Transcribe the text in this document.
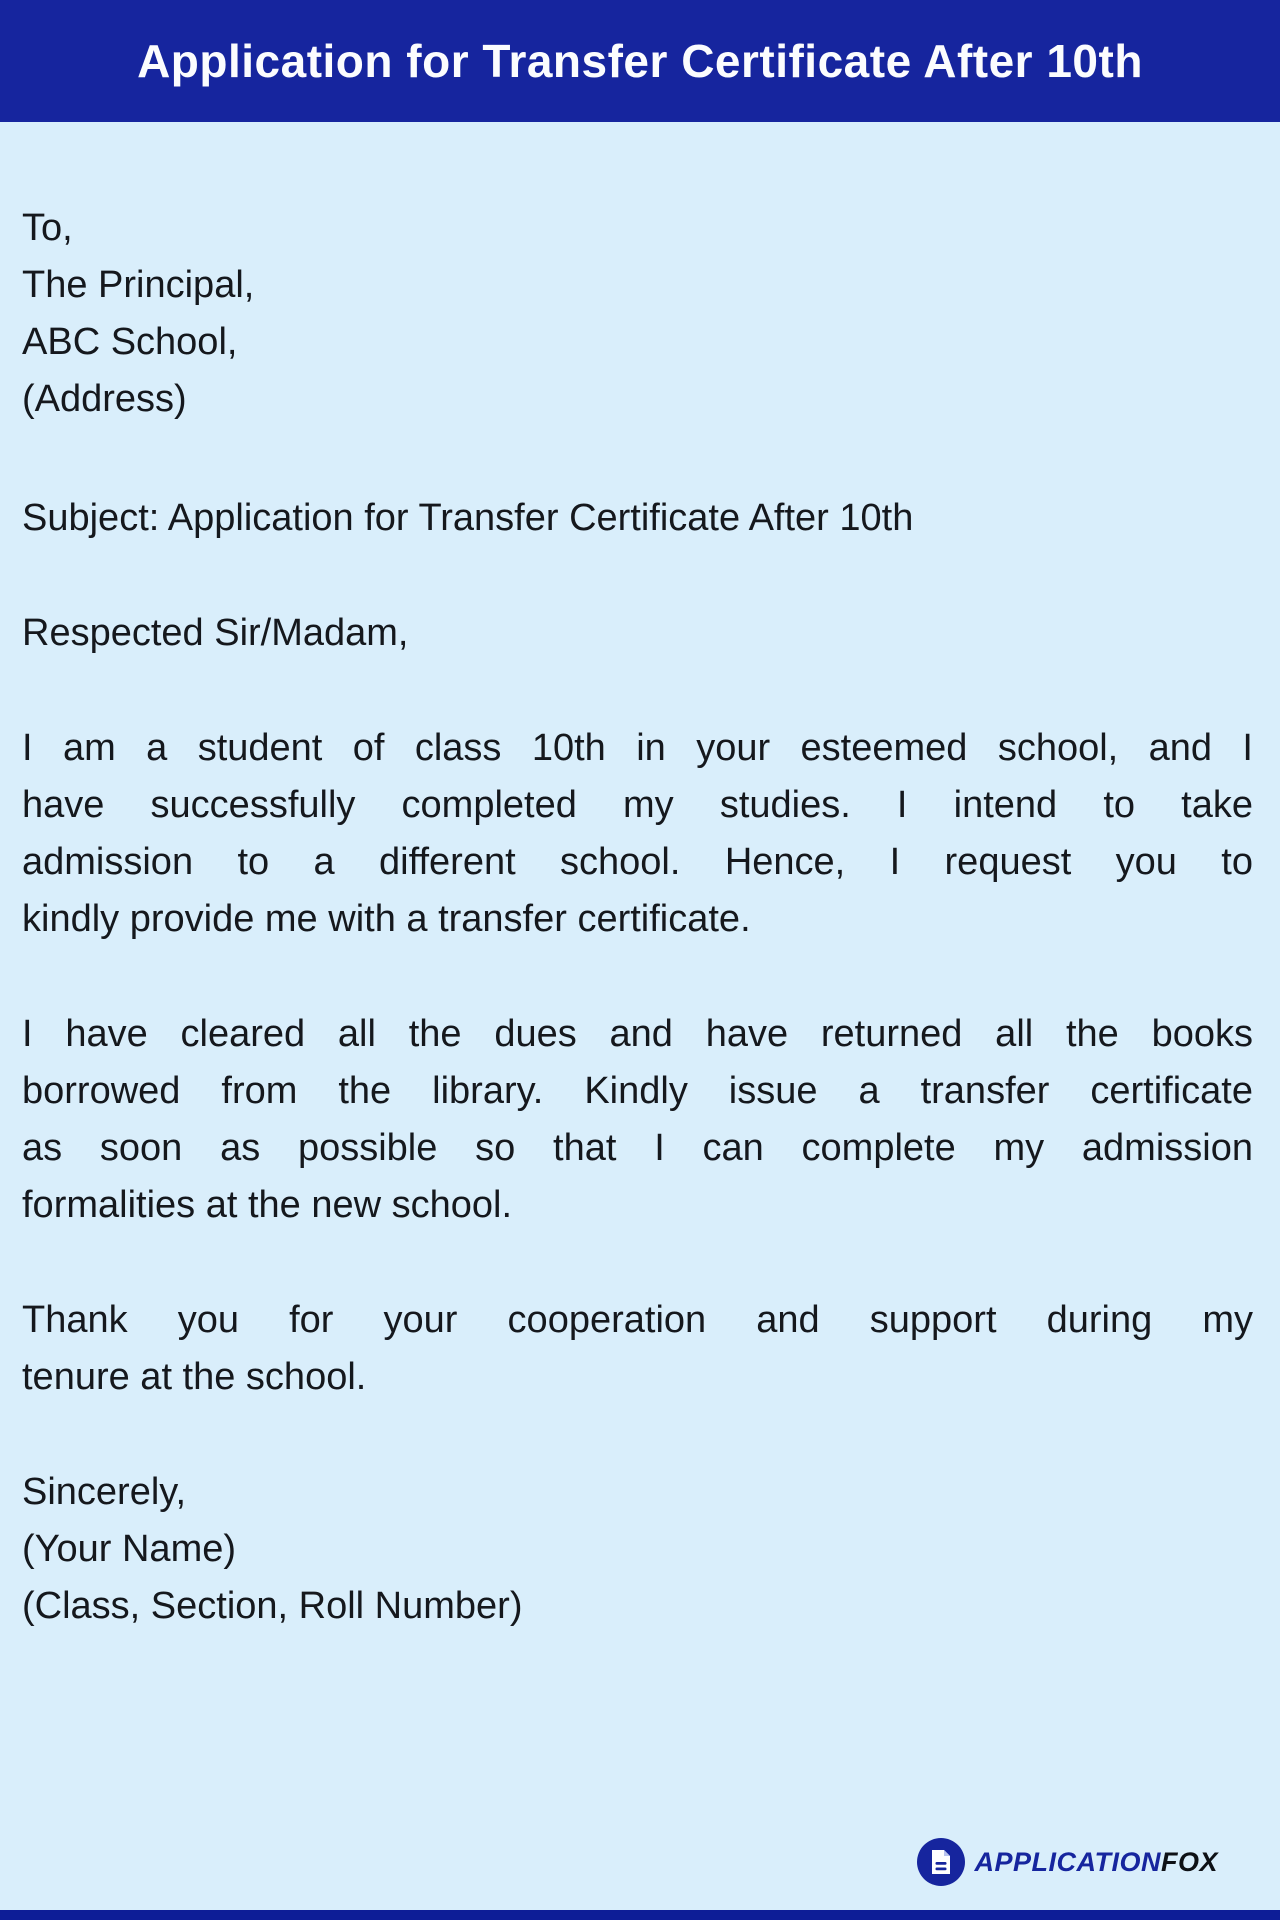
Application for Transfer Certificate After 10th
To,
The Principal,
ABC School,
(Address)
Subject: Application for Transfer Certificate After 10th
Respected Sir/Madam,
I am a student of class 10th in your esteemed school, and I
have successfully completed my studies. I intend to take
admission to a different school. Hence, I request you to
kindly provide me with a transfer certificate.
I have cleared all the dues and have returned all the books
borrowed from the library. Kindly issue a transfer certificate
as soon as possible so that I can complete my admission
formalities at the new school.
Thank you for your cooperation and support during my
tenure at the school.
Sincerely,
(Your Name)
(Class, Section, Roll Number)
APPLICATIONFOX
